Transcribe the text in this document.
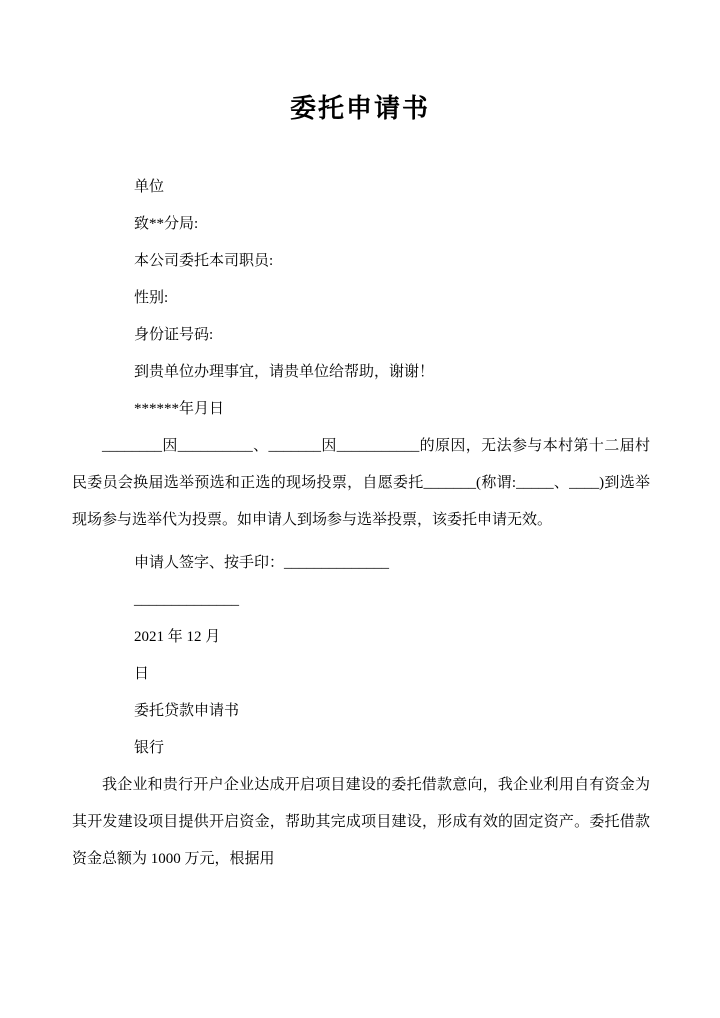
委托申请书

单位

致**分局:

本公司委托本司职员:

性别:

身份证号码:

到贵单位办理事宜，请贵单位给帮助，谢谢！

******年月日

________因__________、_______因___________的原因，无法参与本村第十二届村民委员会换届选举预选和正选的现场投票，自愿委托_______(称谓:_____、____)到选举现场参与选举代为投票。如申请人到场参与选举投票，该委托申请无效。

申请人签字、按手印：______________

______________

2021 年 12 月

日

委托贷款申请书

银行

我企业和贵行开户企业达成开启项目建设的委托借款意向，我企业利用自有资金为其开发建设项目提供开启资金，帮助其完成项目建设，形成有效的固定资产。委托借款资金总额为 1000 万元，根据用
